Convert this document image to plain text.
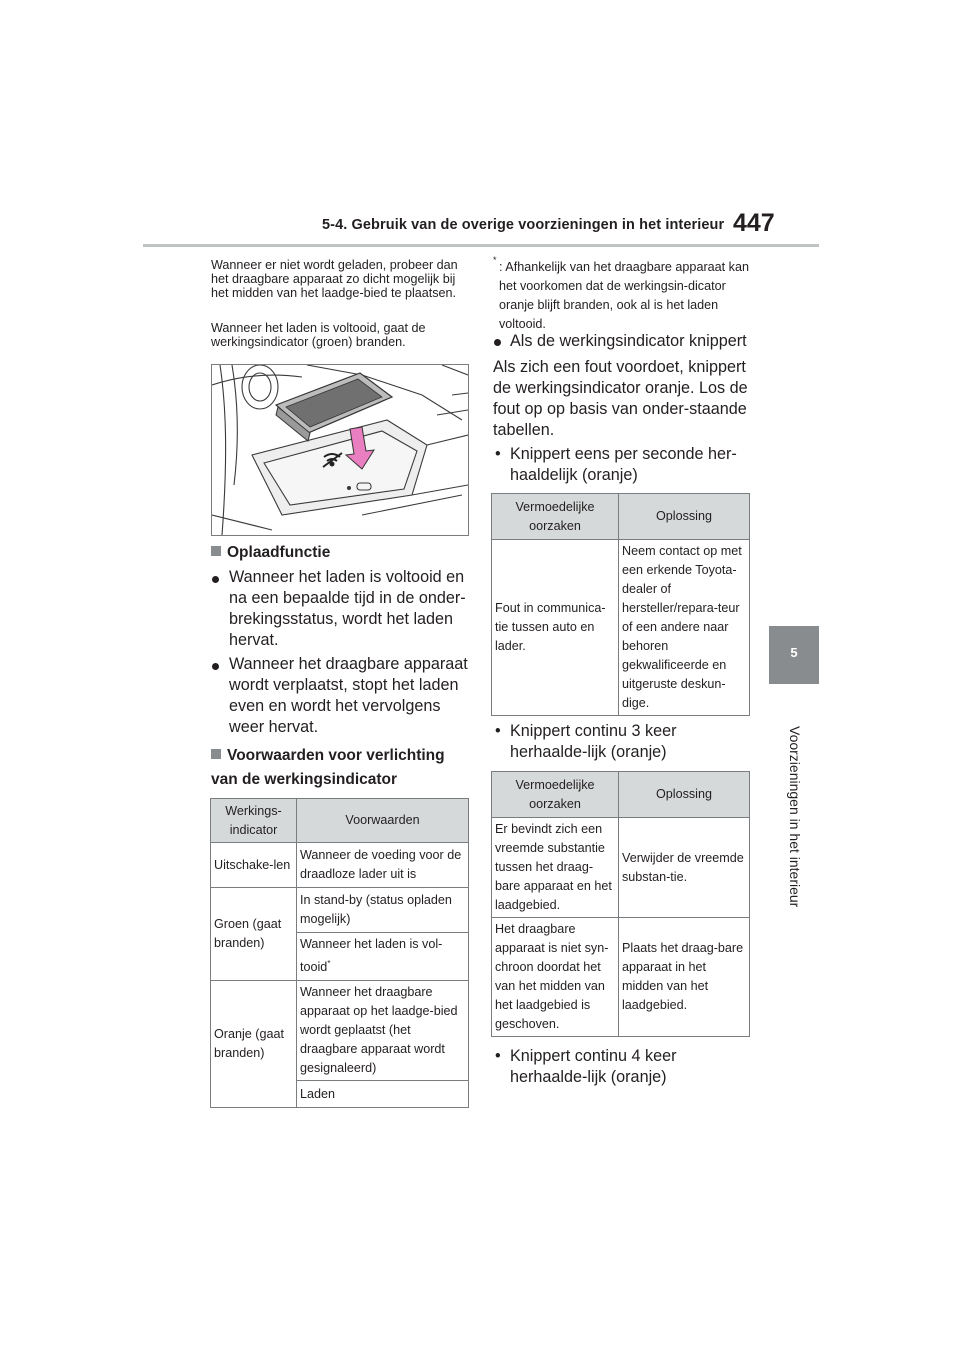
5-4. Gebruik van de overige voorzieningen in het interieur 447
5
Voorzieningen in het interieur
Wanneer er niet wordt geladen, probeer dan het draagbare apparaat zo dicht mogelijk bij het midden van het laadge-bied te plaatsen.
Wanneer het laden is voltooid, gaat de werkingsindicator (groen) branden.
Oplaadfunctie
Wanneer het laden is voltooid en na een bepaalde tijd in de onder-brekingsstatus, wordt het laden hervat.
Wanneer het draagbare apparaat wordt verplaatst, stopt het laden even en wordt het vervolgens weer hervat.
Voorwaarden voor verlichting van de werkingsindicator
Werkings-indicator	Voorwaarden
Uitschake-len	Wanneer de voeding voor de draadloze lader uit is
Groen (gaat branden)	In stand-by (status opladen mogelijk)
	Wanneer het laden is vol-tooid*
Oranje (gaat branden)	Wanneer het draagbare apparaat op het laadge-bied wordt geplaatst (het draagbare apparaat wordt gesignaleerd)
	Laden
* : Afhankelijk van het draagbare apparaat kan het voorkomen dat de werkingsin-dicator oranje blijft branden, ook al is het laden voltooid.
Als de werkingsindicator knippert
Als zich een fout voordoet, knippert de werkingsindicator oranje. Los de fout op op basis van onder-staande tabellen.
• Knippert eens per seconde her-haaldelijk (oranje)
Vermoedelijke oorzaken	Oplossing
Fout in communica-tie tussen auto en lader.	Neem contact op met een erkende Toyota-dealer of hersteller/repara-teur of een andere naar behoren gekwalificeerde en uitgeruste deskun-dige.
• Knippert continu 3 keer herhaalde-lijk (oranje)
Vermoedelijke oorzaken	Oplossing
Er bevindt zich een vreemde substantie tussen het draag-bare apparaat en het laadgebied.	Verwijder de vreemde substan-tie.
Het draagbare apparaat is niet syn-chroon doordat het van het midden van het laadgebied is geschoven.	Plaats het draag-bare apparaat in het midden van het laadgebied.
• Knippert continu 4 keer herhaalde-lijk (oranje)
